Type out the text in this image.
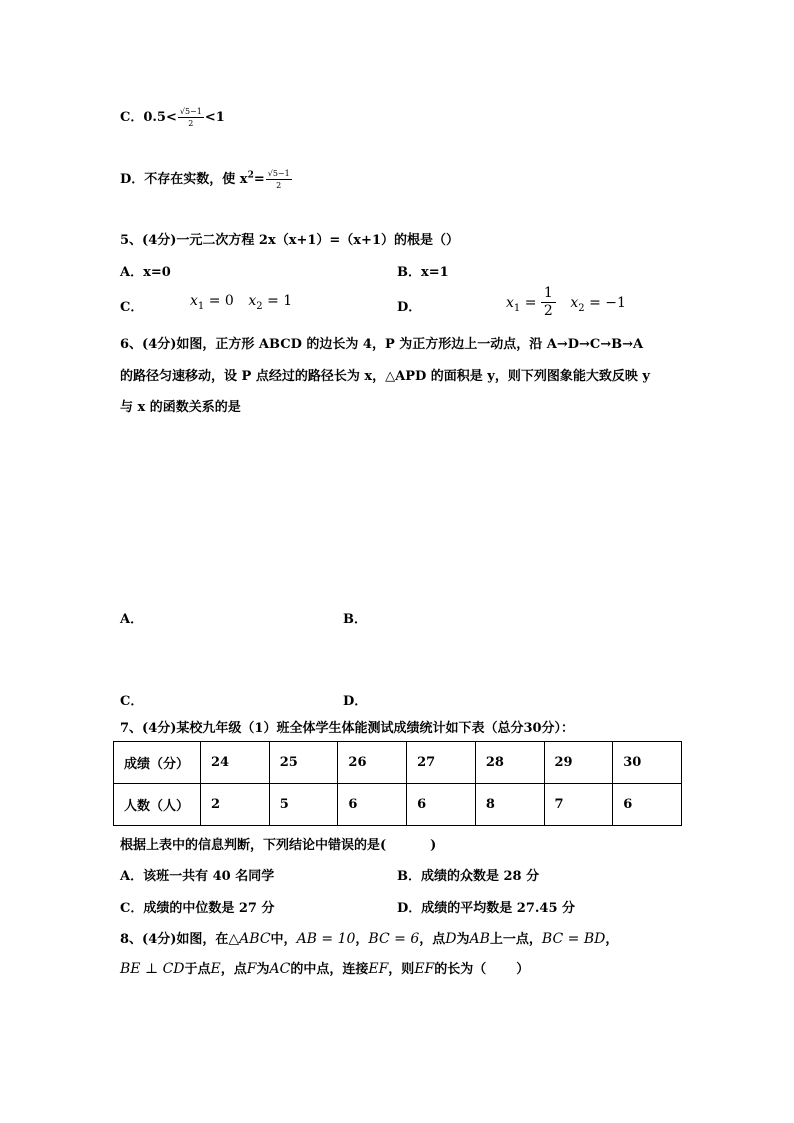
C．$0.5< \frac{√5-1}{2} <1$
D．不存在实数，使 $x^2= \frac{√5-1}{2}$
5、(4分)一元二次方程 2x（x+1）=（x+1）的根是（）
A．x=0	B．x=1
C．	$x_1 = 0$ $x_2 = 1$	D．	$x_1 = \frac{1}{2} x_2 = -1$
6、(4分)如图，正方形 ABCD 的边长为 4，P 为正方形边上一动点，沿 A→D→C→B→A
的路径匀速移动，设 P 点经过的路径长为 x，△APD 的面积是 y，则下列图象能大致反映 y
与 x 的函数关系的是
A．	B．
C．	D．
7、(4分)某校九年级（1）班全体学生体能测试成绩统计如下表（总分30分）：
成绩（分）	24	25	26	27	28	29	30
人数（人）	2	5	6	6	8	7	6
根据上表中的信息判断，下列结论中错误的是(	)
A．该班一共有 40 名同学	B．成绩的众数是 28 分
C．成绩的中位数是 27 分	D．成绩的平均数是 27.45 分
8、(4分)如图，在△ABC中，AB = 10，BC = 6，点D为AB上一点，BC = BD，
BE ⊥ CD于点E，点F为AC的中点，连接EF，则EF的长为（ ）
